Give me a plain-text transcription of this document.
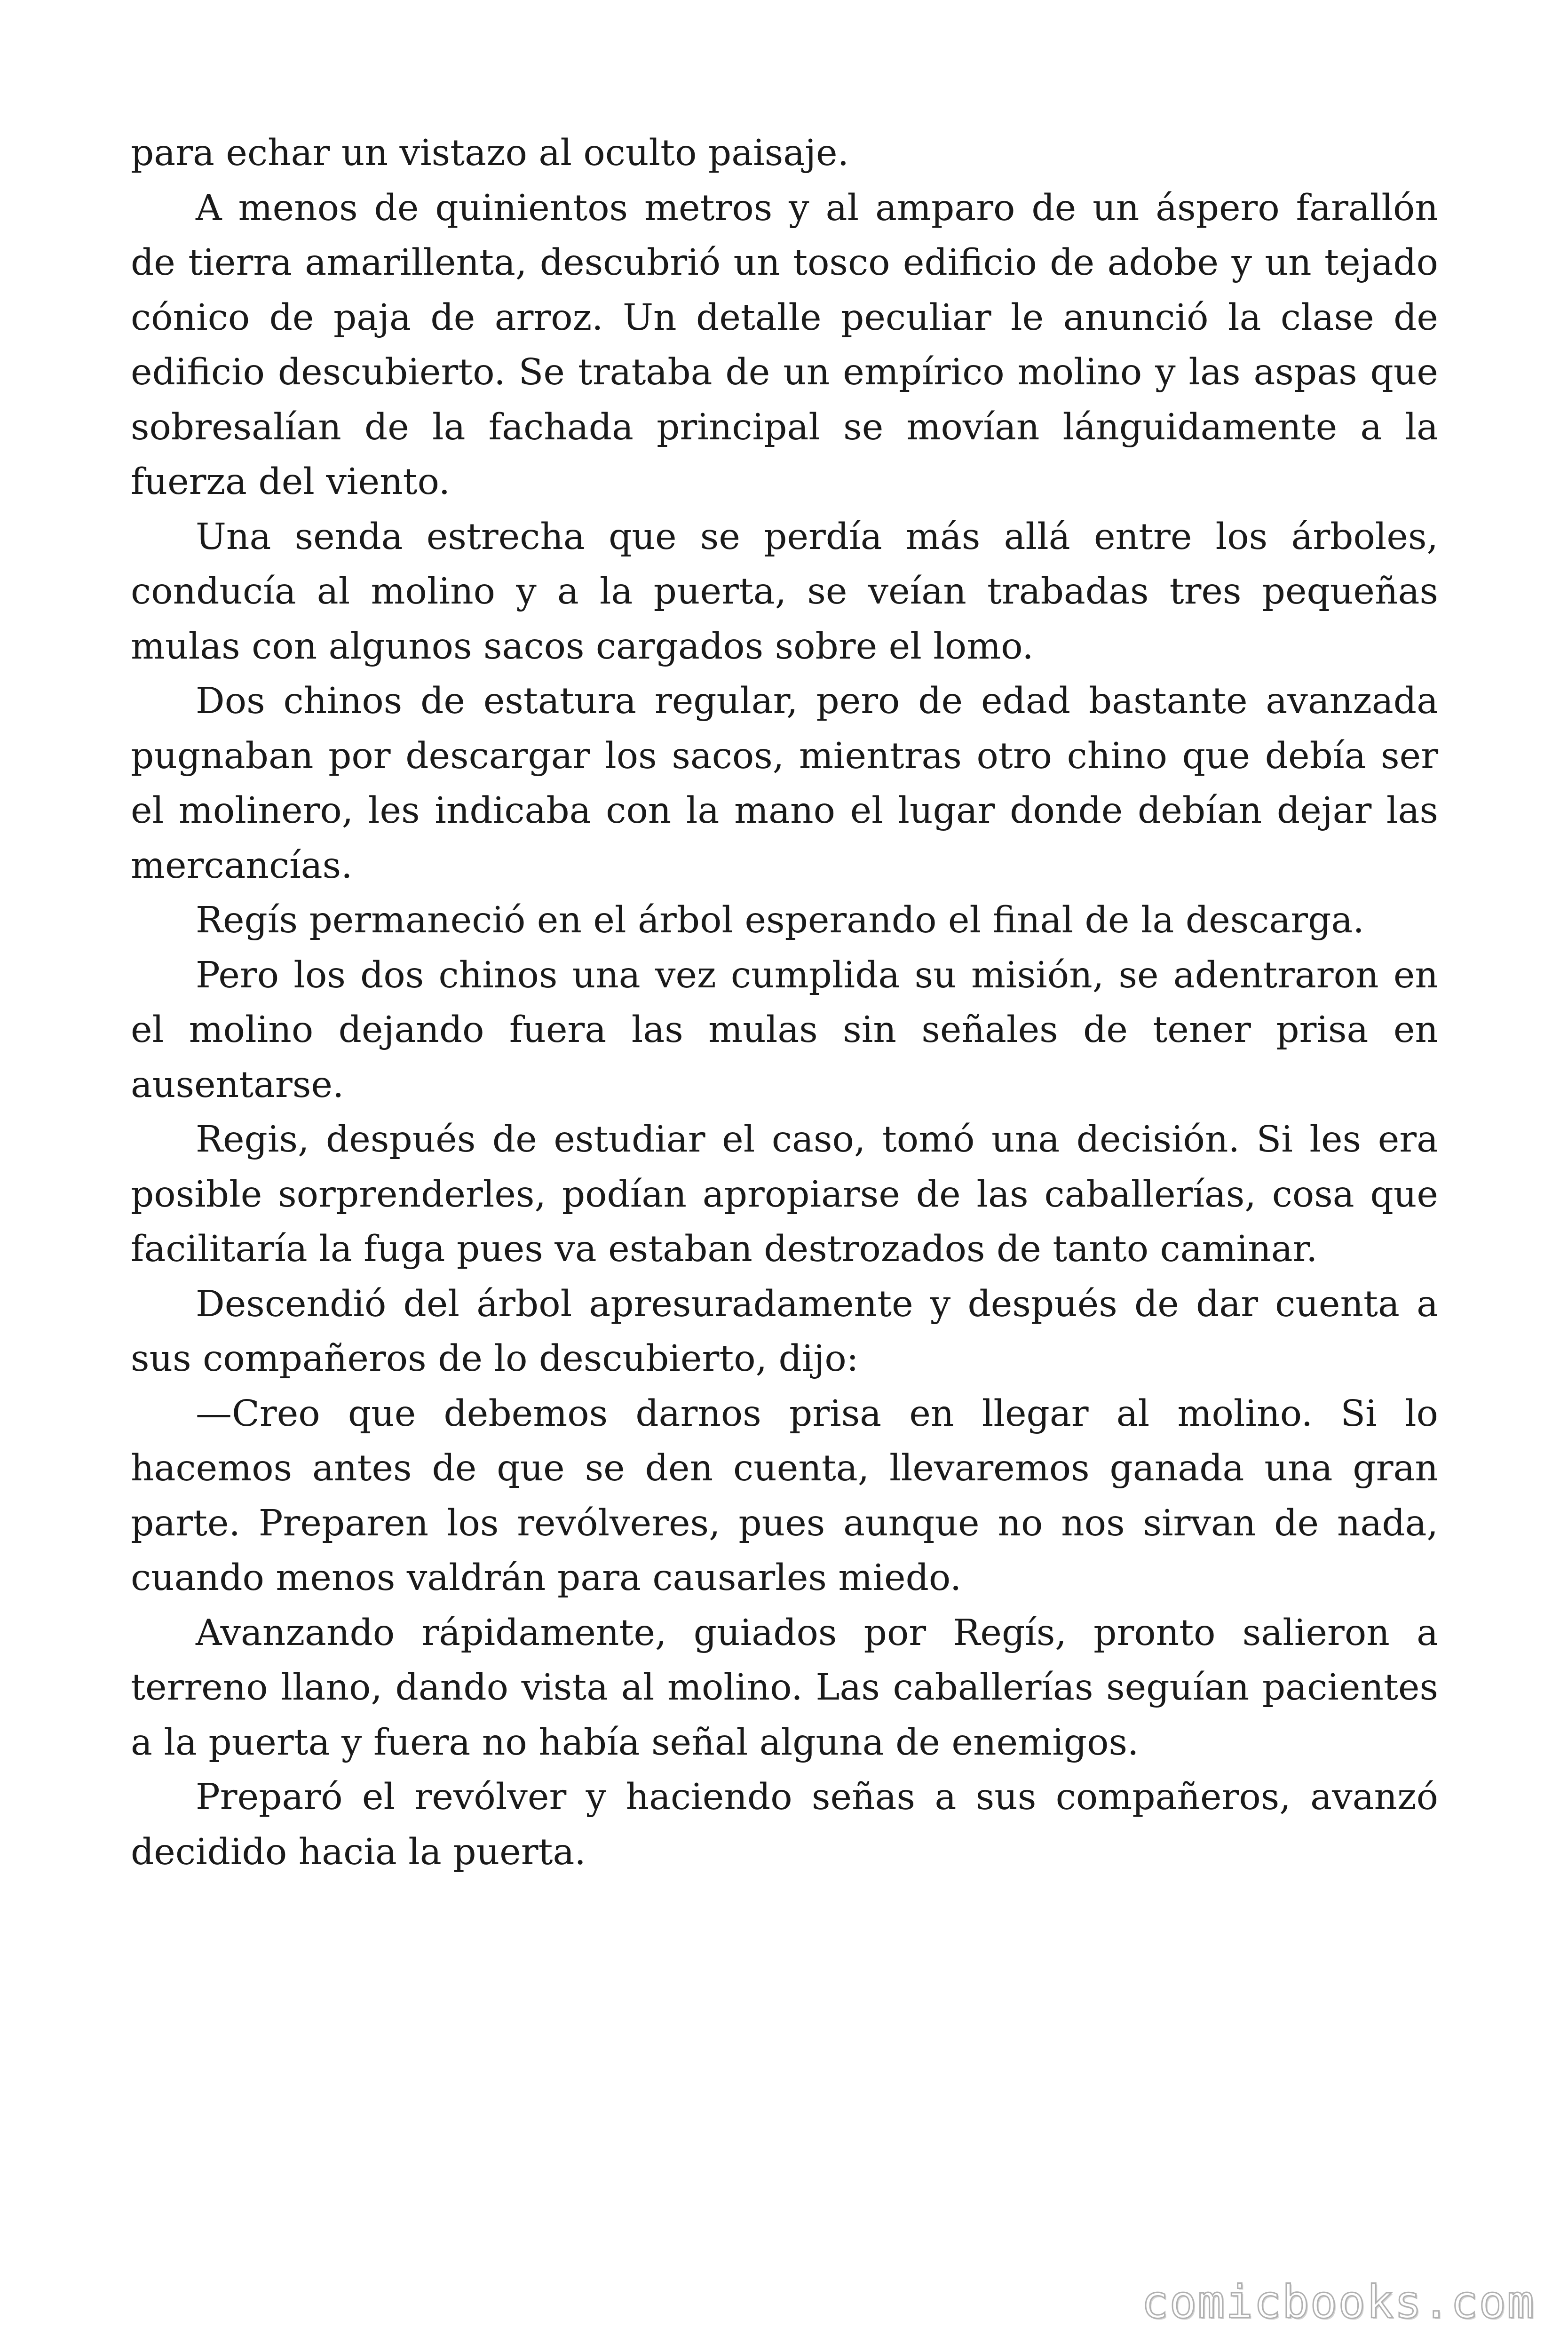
para echar un vistazo al oculto paisaje.

A menos de quinientos metros y al amparo de un áspero farallón de tierra amarillenta, descubrió un tosco edificio de adobe y un tejado cónico de paja de arroz. Un detalle peculiar le anunció la clase de edificio descubierto. Se trataba de un empírico molino y las aspas que sobresalían de la fachada principal se movían lánguidamente a la fuerza del viento.

Una senda estrecha que se perdía más allá entre los árboles, conducía al molino y a la puerta, se veían trabadas tres pequeñas mulas con algunos sacos cargados sobre el lomo.

Dos chinos de estatura regular, pero de edad bastante avanzada pugnaban por descargar los sacos, mientras otro chino que debía ser el molinero, les indicaba con la mano el lugar donde debían dejar las mercancías.

Regís permaneció en el árbol esperando el final de la descarga.

Pero los dos chinos una vez cumplida su misión, se adentraron en el molino dejando fuera las mulas sin señales de tener prisa en ausentarse.

Regis, después de estudiar el caso, tomó una decisión. Si les era posible sorprenderles, podían apropiarse de las caballerías, cosa que facilitaría la fuga pues va estaban destrozados de tanto caminar.

Descendió del árbol apresuradamente y después de dar cuenta a sus compañeros de lo descubierto, dijo:

—Creo que debemos darnos prisa en llegar al molino. Si lo hacemos antes de que se den cuenta, llevaremos ganada una gran parte. Preparen los revólveres, pues aunque no nos sirvan de nada, cuando menos valdrán para causarles miedo.

Avanzando rápidamente, guiados por Regís, pronto salieron a terreno llano, dando vista al molino. Las caballerías seguían pacientes a la puerta y fuera no había señal alguna de enemigos.

Preparó el revólver y haciendo señas a sus compañeros, avanzó decidido hacia la puerta.

comicbooks.com
